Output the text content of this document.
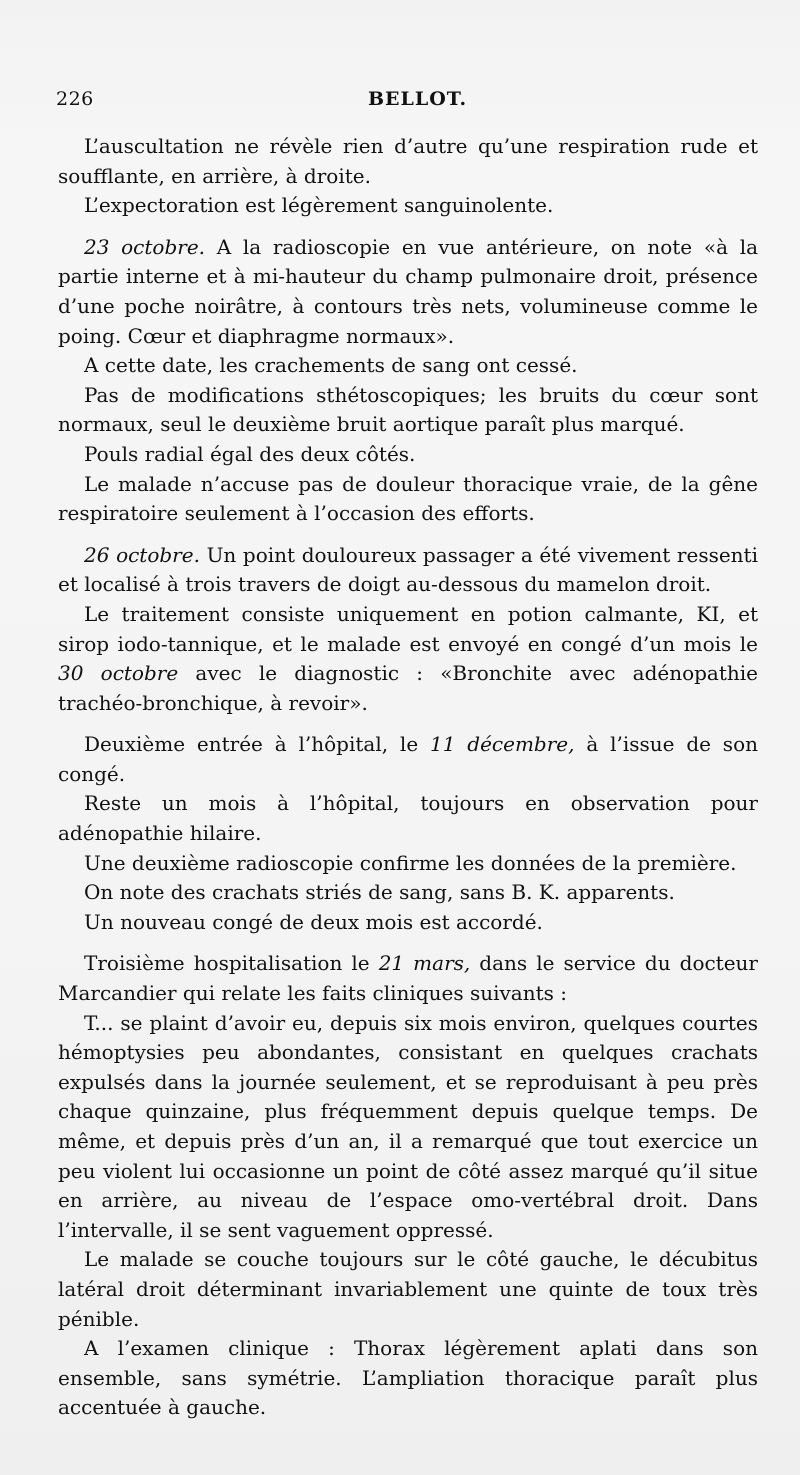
226	BELLOT.

L’auscultation ne révèle rien d’autre qu’une respiration rude et soufflante, en arrière, à droite.

L’expectoration est légèrement sanguinolente.

23 octobre. A la radioscopie en vue antérieure, on note «à la partie interne et à mi-hauteur du champ pulmonaire droit, présence d’une poche noirâtre, à contours très nets, volumineuse comme le poing. Cœur et diaphragme normaux».

A cette date, les crachements de sang ont cessé.

Pas de modifications sthétoscopiques; les bruits du cœur sont normaux, seul le deuxième bruit aortique paraît plus marqué.

Pouls radial égal des deux côtés.

Le malade n’accuse pas de douleur thoracique vraie, de la gêne respiratoire seulement à l’occasion des efforts.

26 octobre. Un point douloureux passager a été vivement ressenti et localisé à trois travers de doigt au-dessous du mamelon droit.

Le traitement consiste uniquement en potion calmante, KI, et sirop iodo-tannique, et le malade est envoyé en congé d’un mois le 30 octobre avec le diagnostic : «Bronchite avec adénopathie trachéo-bronchique, à revoir».

Deuxième entrée à l’hôpital, le 11 décembre, à l’issue de son congé.

Reste un mois à l’hôpital, toujours en observation pour adénopathie hilaire.

Une deuxième radioscopie confirme les données de la première.

On note des crachats striés de sang, sans B. K. apparents.

Un nouveau congé de deux mois est accordé.

Troisième hospitalisation le 21 mars, dans le service du docteur Marcandier qui relate les faits cliniques suivants :

T... se plaint d’avoir eu, depuis six mois environ, quelques courtes hémoptysies peu abondantes, consistant en quelques crachats expulsés dans la journée seulement, et se reproduisant à peu près chaque quinzaine, plus fréquemment depuis quelque temps. De même, et depuis près d’un an, il a remarqué que tout exercice un peu violent lui occasionne un point de côté assez marqué qu’il situe en arrière, au niveau de l’espace omo-vertébral droit. Dans l’intervalle, il se sent vaguement oppressé.

Le malade se couche toujours sur le côté gauche, le décubitus latéral droit déterminant invariablement une quinte de toux très pénible.

A l’examen clinique : Thorax légèrement aplati dans son ensemble, sans symétrie. L’ampliation thoracique paraît plus accentuée à gauche.
